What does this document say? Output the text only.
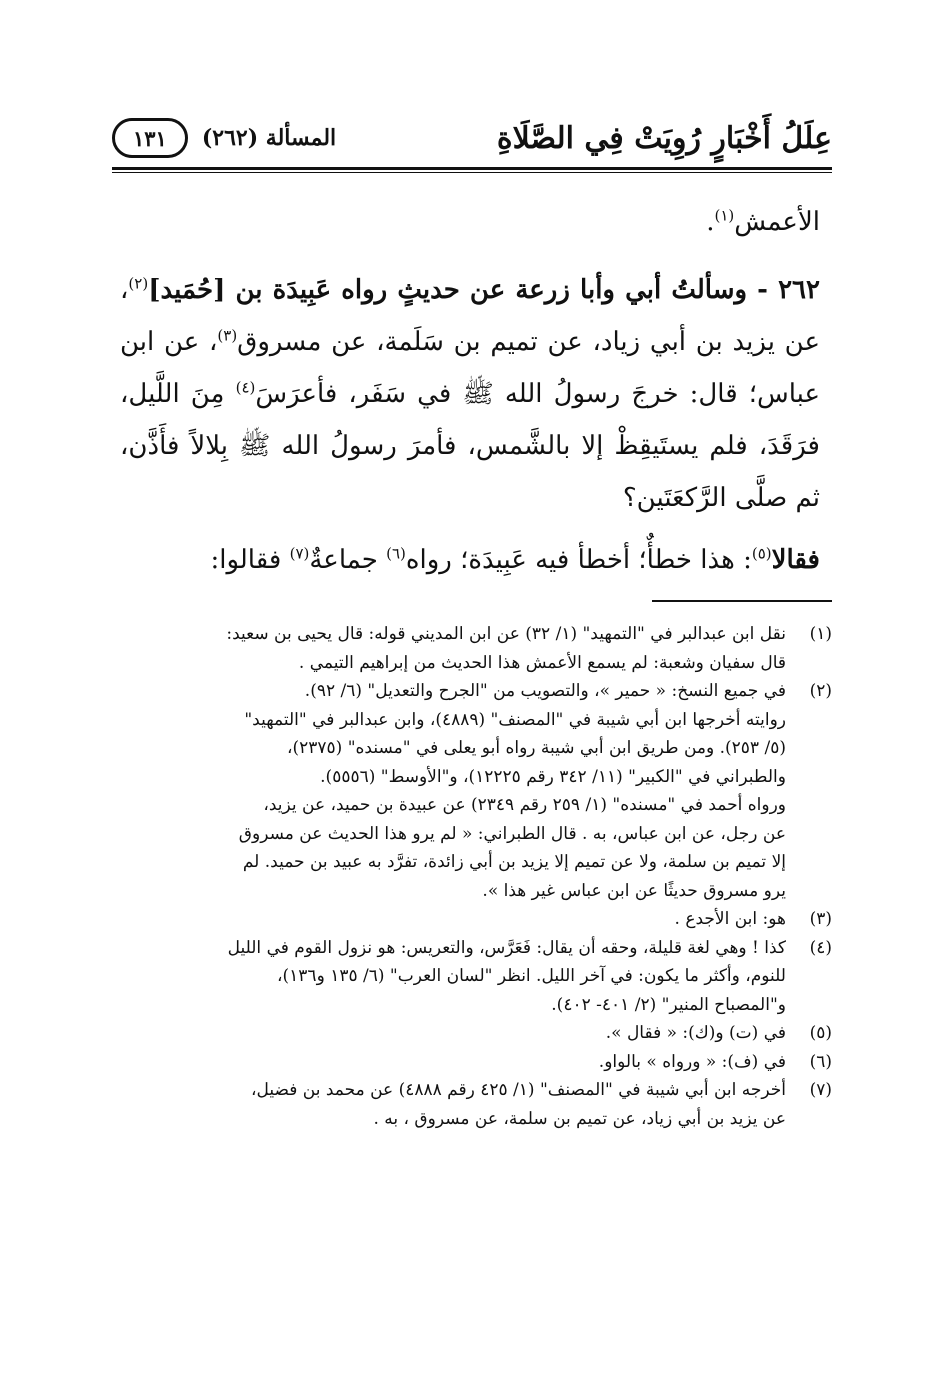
عِلَلُ أَخْبَارٍ رُوِيَتْ فِي الصَّلَاةِ
المسألة (٢٦٢)
١٣١

الأعمش$^{(١)}$.

٢٦٢ - وسألتُ أبي وأبا زرعة عن حديثٍ رواه عَبِيدَة بن [حُمَيد]$^{(٢)}$، عن يزيد بن أبي زياد، عن تميم بن سَلَمة، عن مسروق$^{(٣)}$، عن ابن عباس؛ قال: خرجَ رسولُ الله ﷺ في سَفَر، فأعرَسَ$^{(٤)}$ مِنَ اللَّيل، فرَقَدَ، فلم يستَيقِظْ إلا بالشَّمس، فأمرَ رسولُ الله ﷺ بِلالاً فأَذَّن، ثم صلَّى الرَّكعَتَين؟

فقالا$^{(٥)}$: هذا خطأٌ؛ أخطأ فيه عَبِيدَة؛ رواه$^{(٦)}$ جماعةٌ$^{(٧)}$ فقالوا:

(١)
نقل ابن عبدالبر في "التمهيد" (١/ ٣٢) عن ابن المديني قوله: قال يحيى بن سعيد:
قال سفيان وشعبة: لم يسمع الأعمش هذا الحديث من إبراهيم التيمي .
(٢)
في جميع النسخ: « حمير »، والتصويب من "الجرح والتعديل" (٦/ ٩٢).
روايته أخرجها ابن أبي شيبة في "المصنف" (٤٨٨٩)، وابن عبدالبر في "التمهيد"
(٥/ ٢٥٣). ومن طريق ابن أبي شيبة رواه أبو يعلى في "مسنده" (٢٣٧٥)،
والطبراني في "الكبير" (١١/ ٣٤٢ رقم ١٢٢٢٥)، و"الأوسط" (٥٥٥٦).
ورواه أحمد في "مسنده" (١/ ٢٥٩ رقم ٢٣٤٩) عن عبيدة بن حميد، عن يزيد،
عن رجل، عن ابن عباس، به . قال الطبراني: « لم يرو هذا الحديث عن مسروق
إلا تميم بن سلمة، ولا عن تميم إلا يزيد بن أبي زائدة، تفرَّد به عبيد بن حميد. لم
يرو مسروق حديثًا عن ابن عباس غير هذا ».
(٣)
هو: ابن الأجدع .
(٤)
كذا ! وهي لغة قليلة، وحقه أن يقال: فَعَرَّس، والتعريس: هو نزول القوم في الليل
للنوم، وأكثر ما يكون: في آخر الليل. انظر "لسان العرب" (٦/ ١٣٥ و١٣٦)،
و"المصباح المنير" (٢/ ٤٠١- ٤٠٢).
(٥)
في (ت) و(ك): « فقال ».
(٦)
في (ف): « ورواه » بالواو.
(٧)
أخرجه ابن أبي شيبة في "المصنف" (١/ ٤٢٥ رقم ٤٨٨٨) عن محمد بن فضيل،
عن يزيد بن أبي زياد، عن تميم بن سلمة، عن مسروق ، به .
